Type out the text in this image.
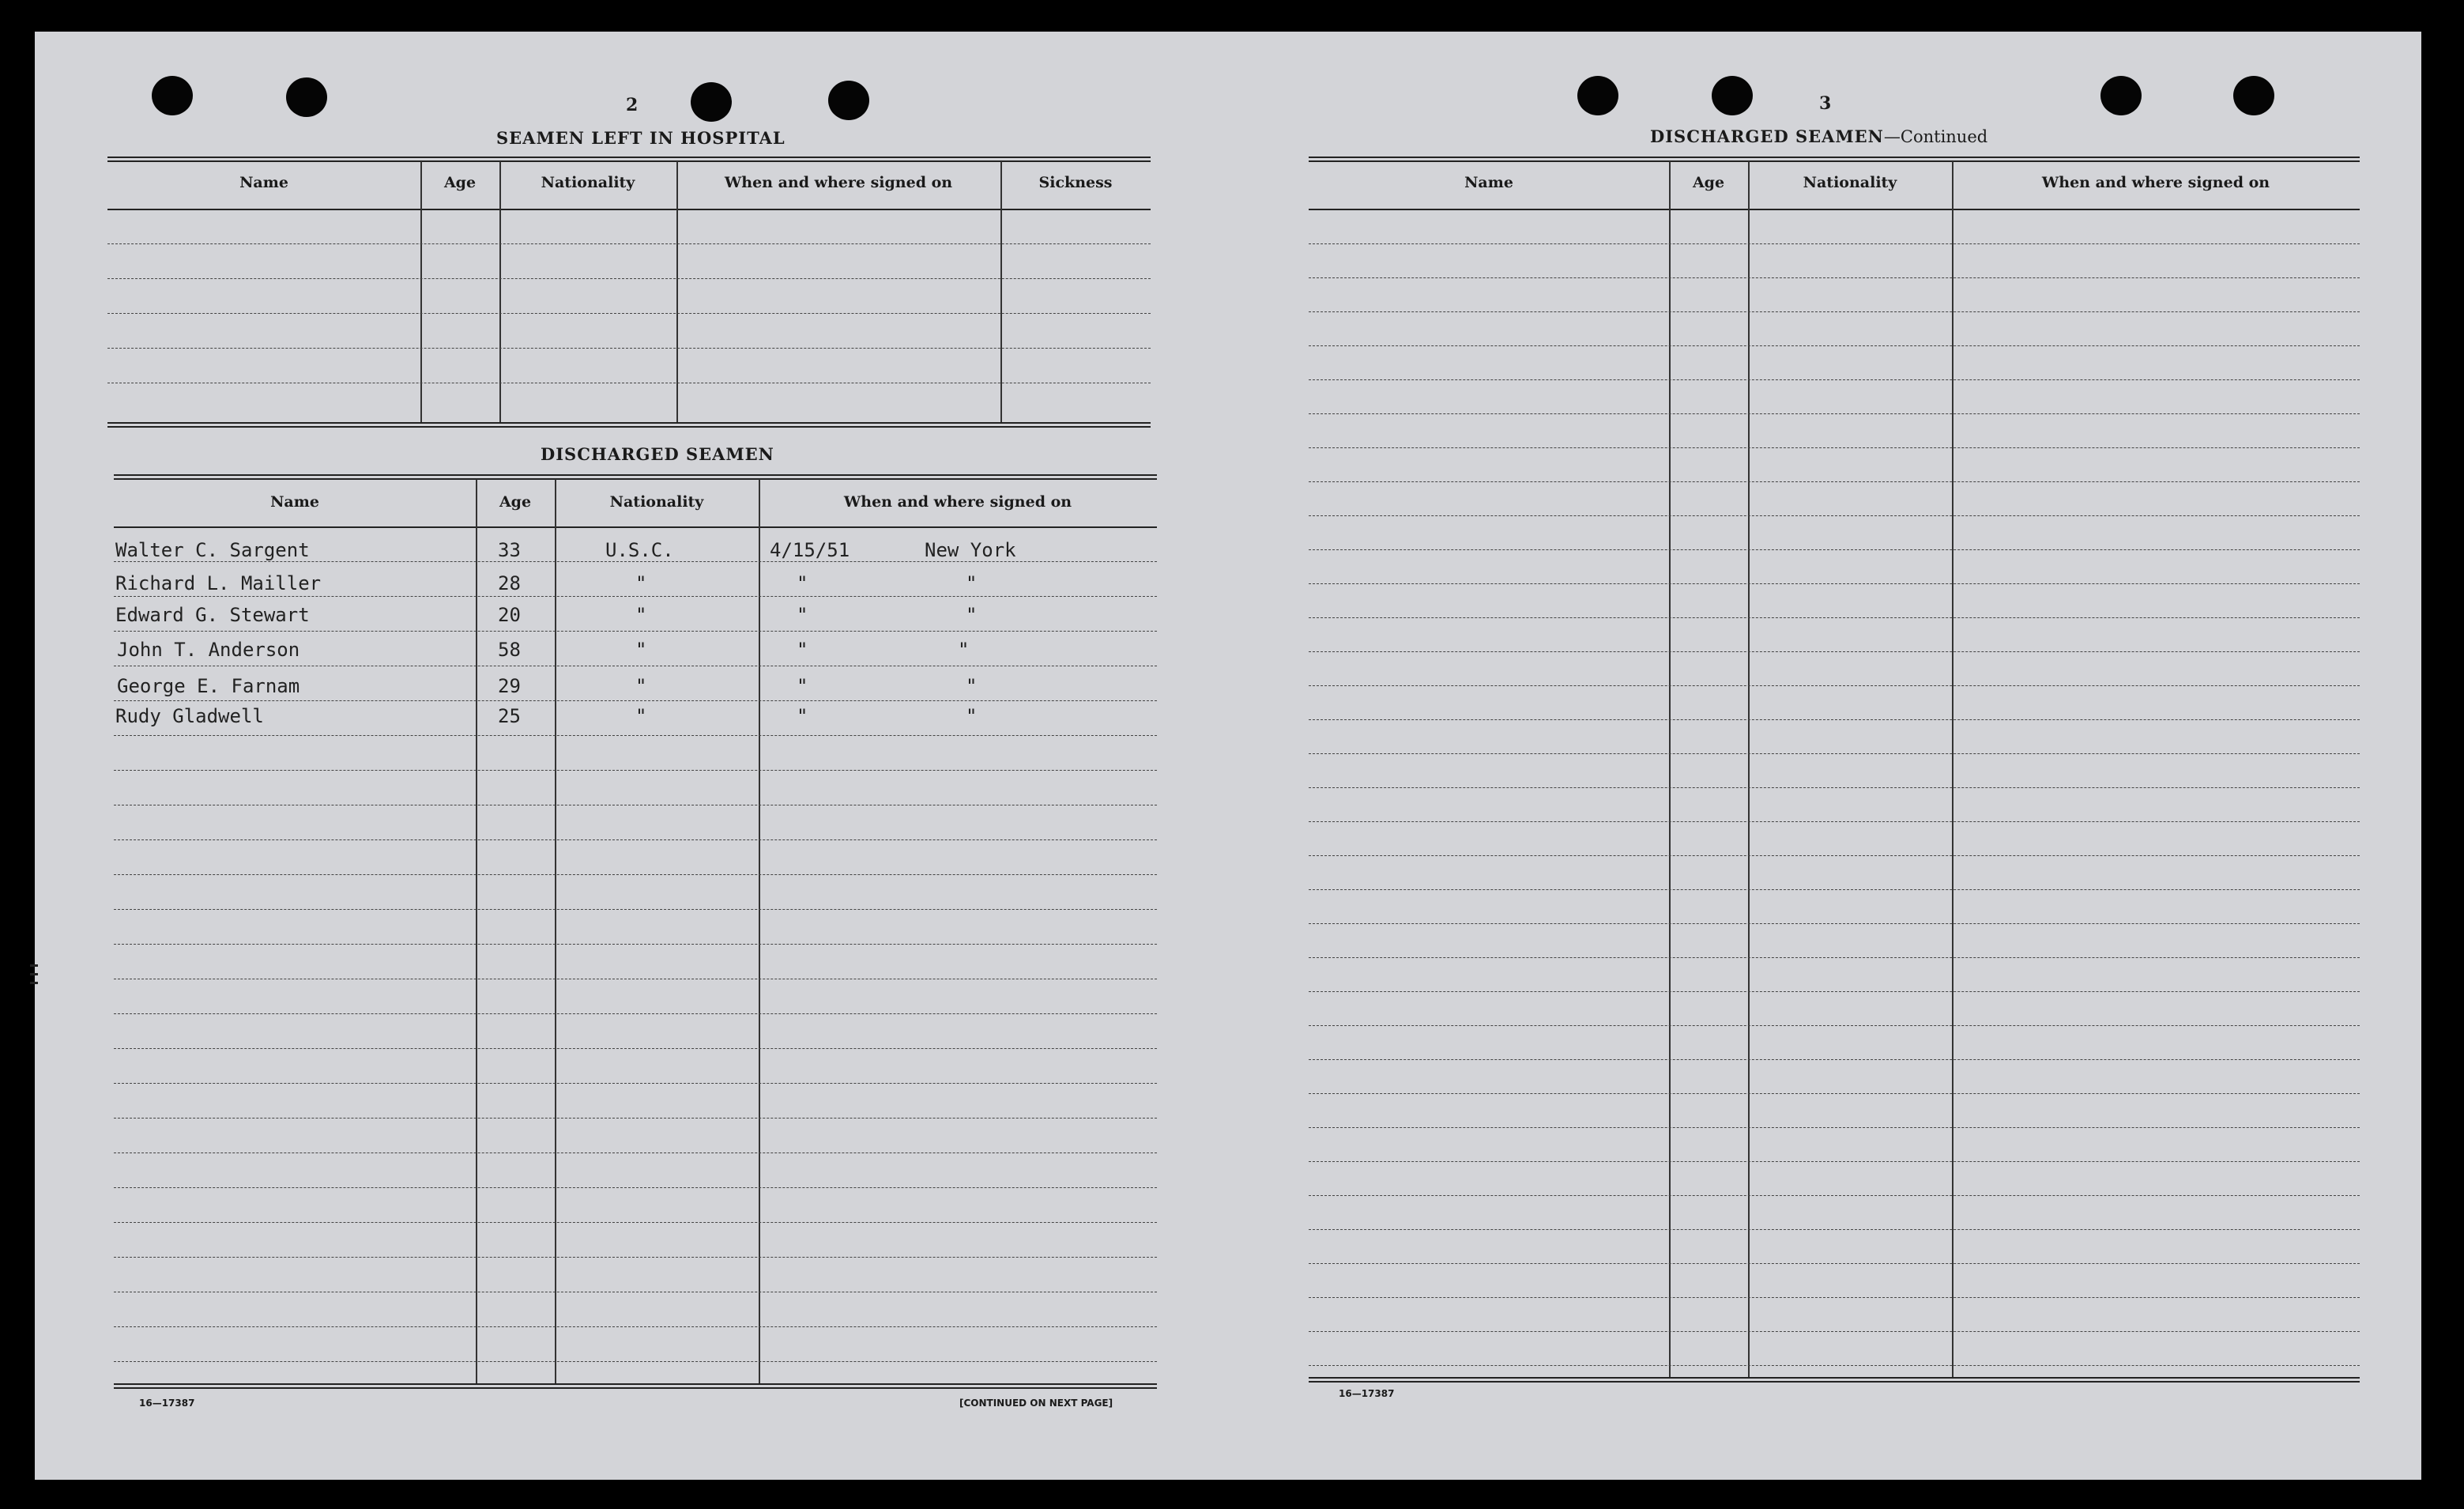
2
SEAMEN LEFT IN HOSPITAL
Name	Age	Nationality	When and where signed on	Sickness
DISCHARGED SEAMEN
Name	Age	Nationality	When and where signed on
Walter C. Sargent	33	U.S.C.	4/15/51	New York
Richard L. Mailler	28	"	"	"
Edward G. Stewart	20	"	"	"
John T. Anderson	58	"	"	"
George E. Farnam	29	"	"	"
Rudy Gladwell	25	"	"	"
16—17387	[CONTINUED ON NEXT PAGE]
3
DISCHARGED SEAMEN—Continued
Name	Age	Nationality	When and where signed on
16—17387
